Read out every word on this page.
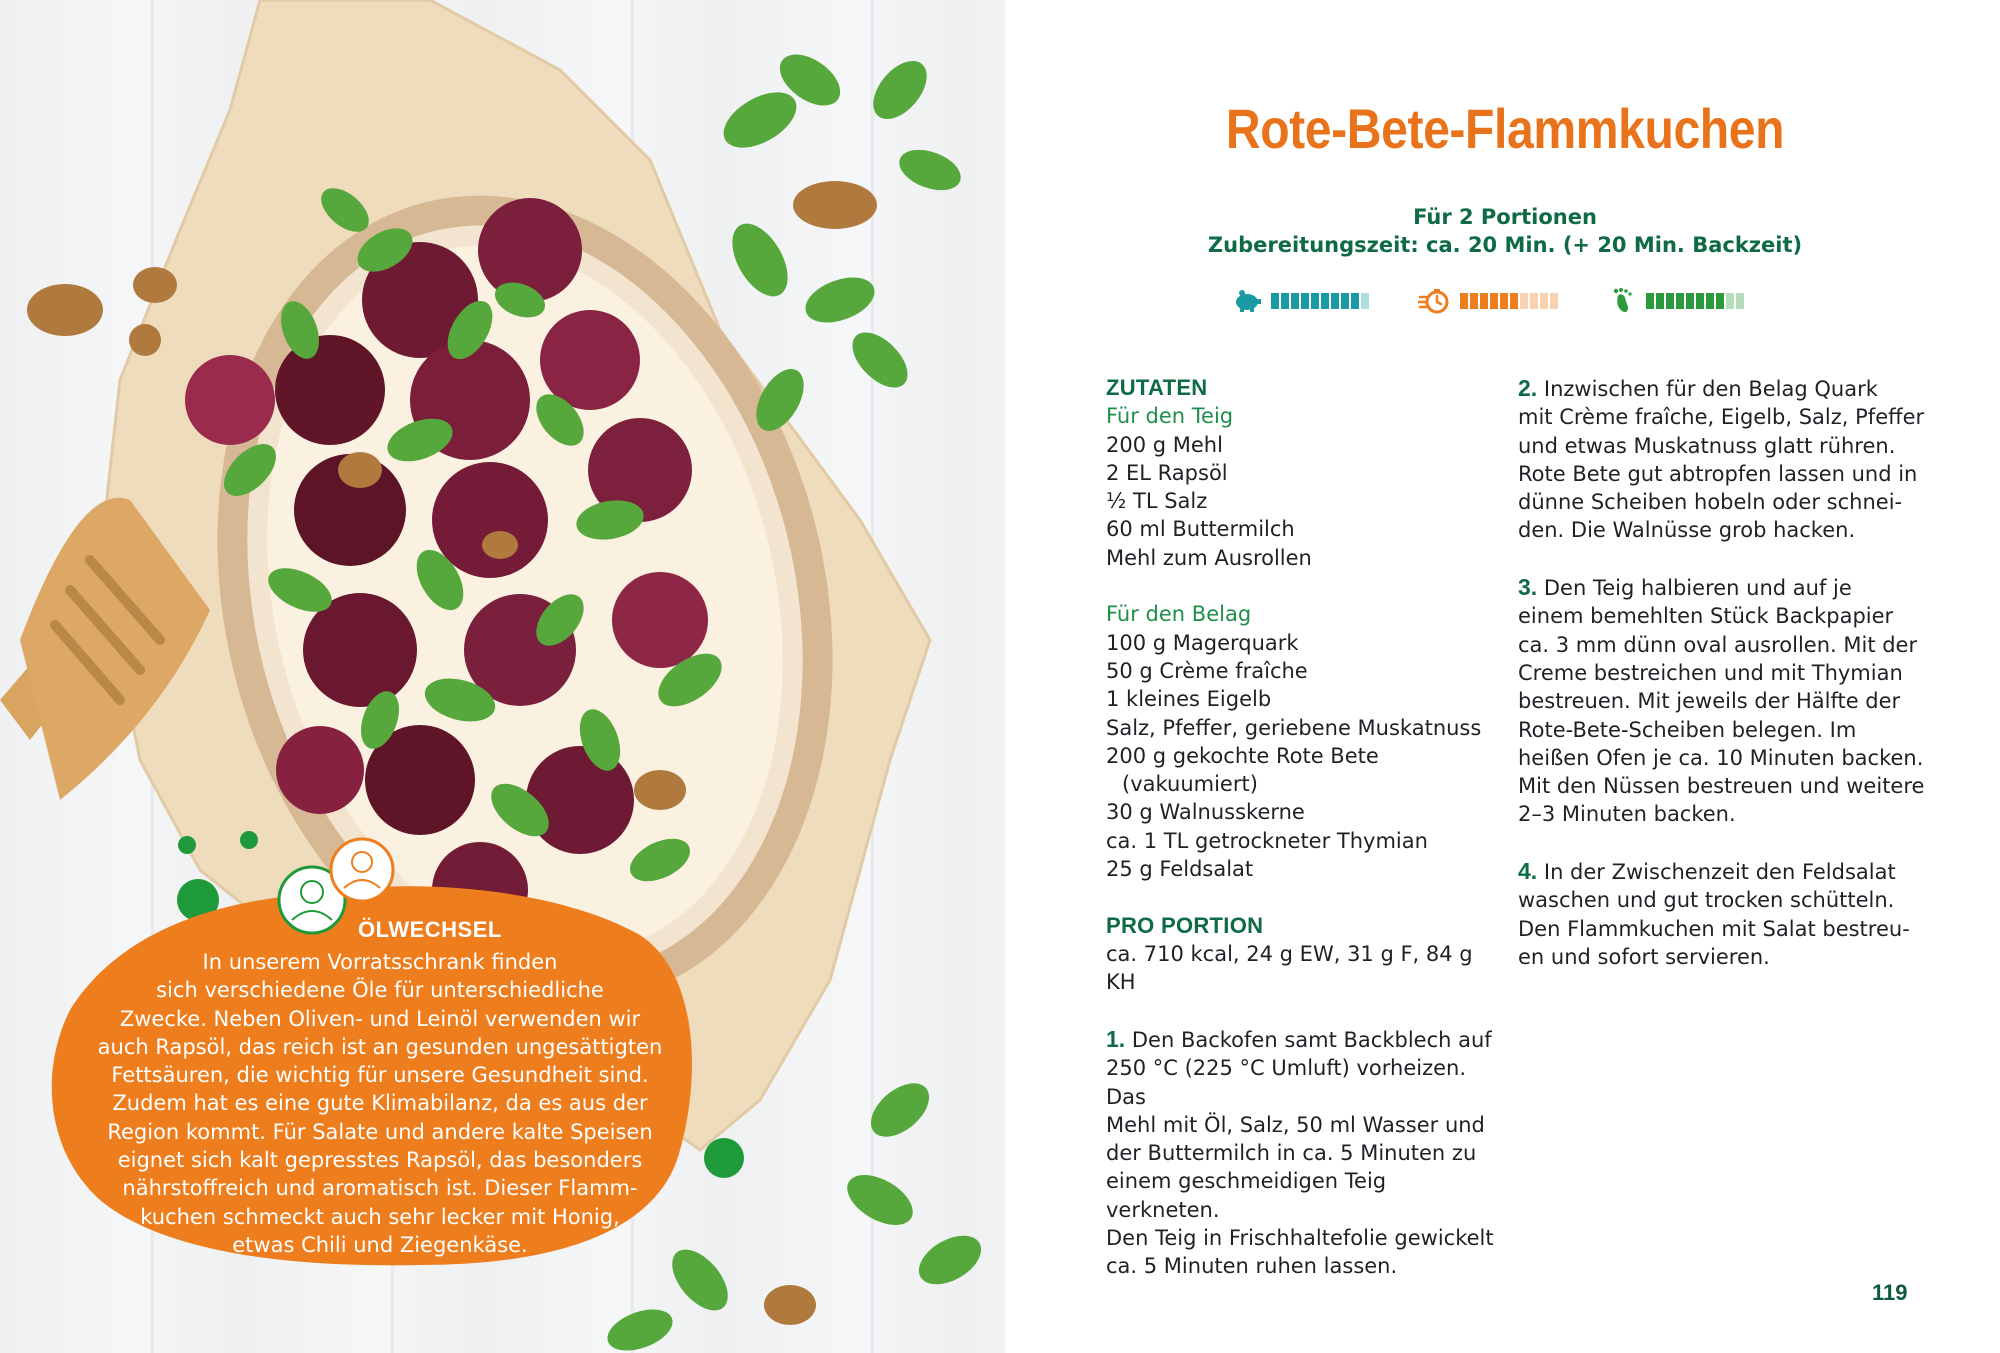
ÖLWECHSEL

In unserem Vorratsschrank finden
sich verschiedene Öle für unterschiedliche
Zwecke. Neben Oliven- und Leinöl verwenden wir
auch Rapsöl, das reich ist an gesunden ungesättigten
Fettsäuren, die wichtig für unsere Gesundheit sind.
Zudem hat es eine gute Klimabilanz, da es aus der
Region kommt. Für Salate und andere kalte Speisen
eignet sich kalt gepresstes Rapsöl, das besonders
nährstoffreich und aromatisch ist. Dieser Flamm-
kuchen schmeckt auch sehr lecker mit Honig,
etwas Chili und Ziegenkäse.
Rote-Bete-Flammkuchen

Für 2 Portionen

Zubereitungszeit: ca. 20 Min. (+ 20 Min. Backzeit)

ZUTATEN

Für den Teig

200 g Mehl

2 EL Rapsöl

½ TL Salz

60 ml Buttermilch

Mehl zum Ausrollen

Für den Belag

100 g Magerquark

50 g Crème fraîche

1 kleines Eigelb

Salz, Pfeffer, geriebene Muskatnuss

200 g gekochte Rote Bete

(vakuumiert)

30 g Walnusskerne

ca. 1 TL getrockneter Thymian

25 g Feldsalat

PRO PORTION

ca. 710 kcal, 24 g EW, 31 g F, 84 g KH

1. Den Backofen samt Backblech auf

250 °C (225 °C Umluft) vorheizen. Das

Mehl mit Öl, Salz, 50 ml Wasser und

der Buttermilch in ca. 5 Minuten zu

einem geschmeidigen Teig verkneten.

Den Teig in Frischhaltefolie gewickelt

ca. 5 Minuten ruhen lassen.

2. Inzwischen für den Belag Quark

mit Crème fraîche, Eigelb, Salz, Pfeffer

und etwas Muskatnuss glatt rühren.

Rote Bete gut abtropfen lassen und in

dünne Scheiben hobeln oder schnei-

den. Die Walnüsse grob hacken.

3. Den Teig halbieren und auf je

einem bemehlten Stück Backpapier

ca. 3 mm dünn oval ausrollen. Mit der

Creme bestreichen und mit Thymian

bestreuen. Mit jeweils der Hälfte der

Rote-Bete-Scheiben belegen. Im

heißen Ofen je ca. 10 Minuten backen.

Mit den Nüssen bestreuen und weitere

2–3 Minuten backen.

4. In der Zwischenzeit den Feldsalat

waschen und gut trocken schütteln.

Den Flammkuchen mit Salat bestreu-

en und sofort servieren.

119
